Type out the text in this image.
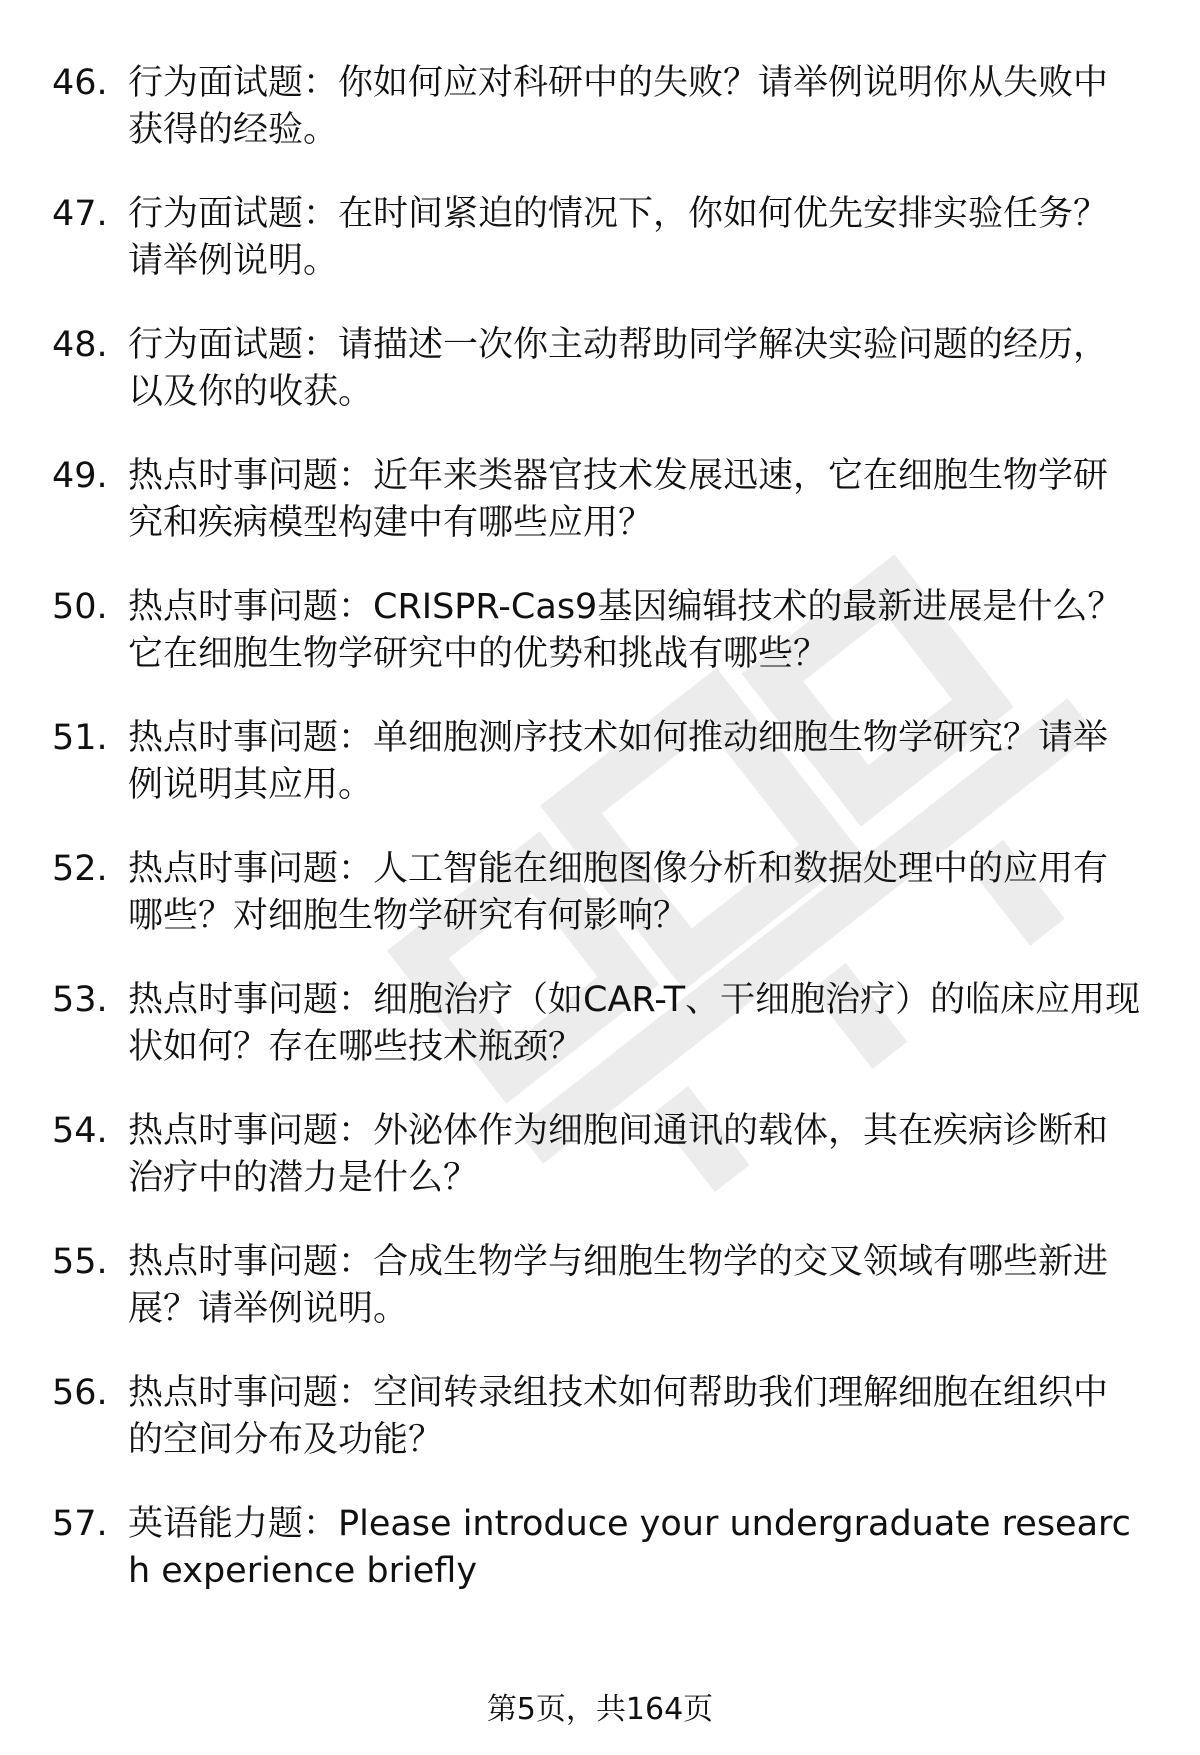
46. 行为面试题：你如何应对科研中的失败？请举例说明你从失败中获得的经验。
47. 行为面试题：在时间紧迫的情况下，你如何优先安排实验任务？请举例说明。
48. 行为面试题：请描述一次你主动帮助同学解决实验问题的经历，以及你的收获。
49. 热点时事问题：近年来类器官技术发展迅速，它在细胞生物学研究和疾病模型构建中有哪些应用？
50. 热点时事问题：CRISPR-Cas9基因编辑技术的最新进展是什么？它在细胞生物学研究中的优势和挑战有哪些？
51. 热点时事问题：单细胞测序技术如何推动细胞生物学研究？请举例说明其应用。
52. 热点时事问题：人工智能在细胞图像分析和数据处理中的应用有哪些？对细胞生物学研究有何影响？
53. 热点时事问题：细胞治疗（如CAR-T、干细胞治疗）的临床应用现状如何？存在哪些技术瓶颈？
54. 热点时事问题：外泌体作为细胞间通讯的载体，其在疾病诊断和治疗中的潜力是什么？
55. 热点时事问题：合成生物学与细胞生物学的交叉领域有哪些新进展？请举例说明。
56. 热点时事问题：空间转录组技术如何帮助我们理解细胞在组织中的空间分布及功能？
57. 英语能力题：Please introduce your undergraduate research experience briefly
第5页，共164页
